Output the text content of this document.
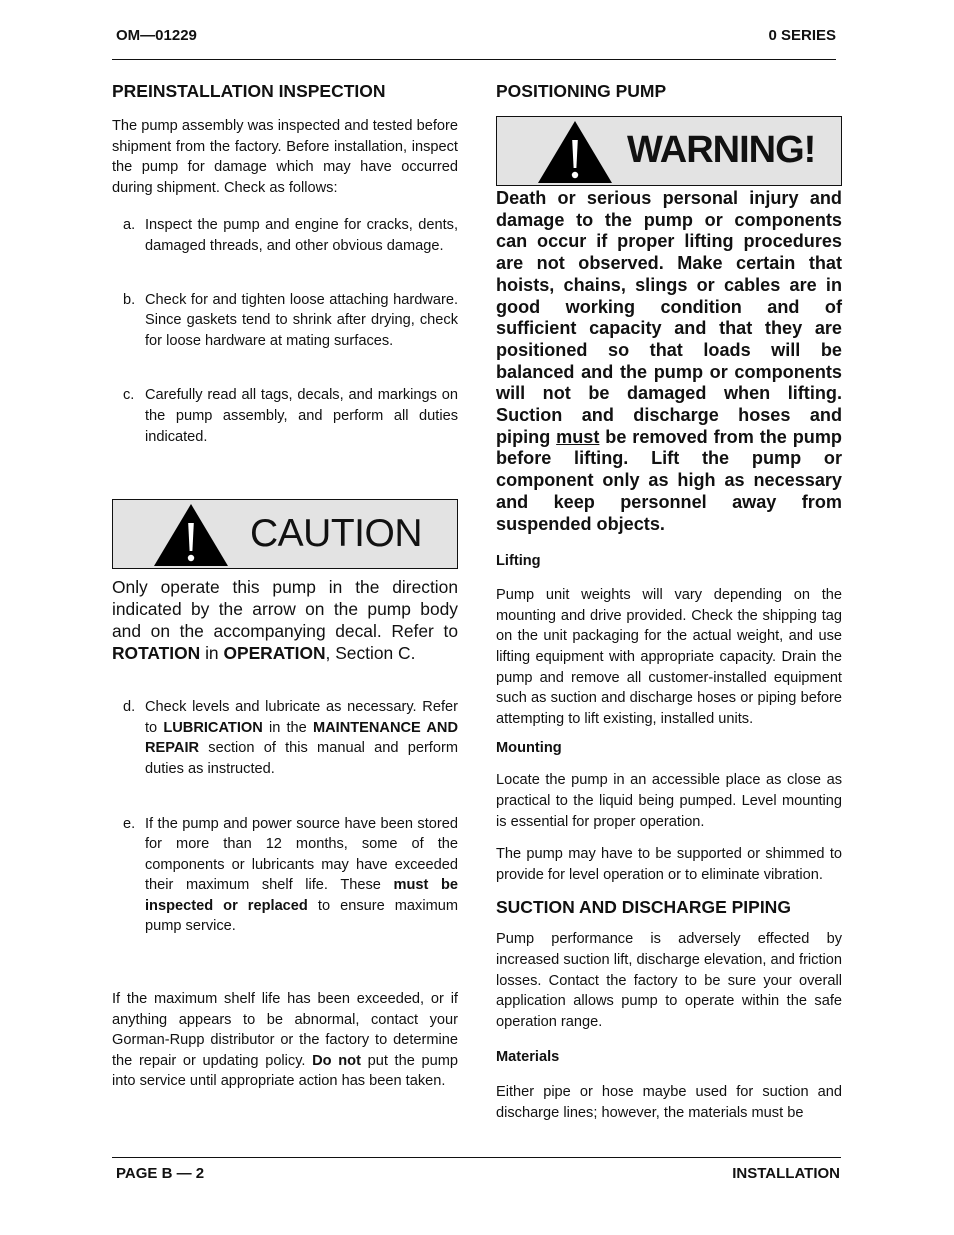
OM—01229	0 SERIES
PREINSTALLATION INSPECTION

The pump assembly was inspected and tested before shipment from the factory. Before installation, inspect the pump for damage which may have occurred during shipment. Check as follows:

a. Inspect the pump and engine for cracks, dents, damaged threads, and other obvious damage.
b. Check for and tighten loose attaching hardware. Since gaskets tend to shrink after drying, check for loose hardware at mating surfaces.
c. Carefully read all tags, decals, and markings on the pump assembly, and perform all duties indicated.
CAUTION

Only operate this pump in the direction indicated by the arrow on the pump body and on the accompanying decal. Refer to ROTATION in OPERATION, Section C.

d. Check levels and lubricate as necessary. Refer to LUBRICATION in the MAINTENANCE AND REPAIR section of this manual and perform duties as instructed.
e. If the pump and power source have been stored for more than 12 months, some of the components or lubricants may have exceeded their maximum shelf life. These must be inspected or replaced to ensure maximum pump service.

If the maximum shelf life has been exceeded, or if anything appears to be abnormal, contact your Gorman-Rupp distributor or the factory to determine the repair or updating policy. Do not put the pump into service until appropriate action has been taken.

POSITIONING PUMP
WARNING!

Death or serious personal injury and damage to the pump or components can occur if proper lifting procedures are not observed. Make certain that hoists, chains, slings or cables are in good working condition and of sufficient capacity and that they are positioned so that loads will be balanced and the pump or components will not be damaged when lifting. Suction and discharge hoses and piping must be removed from the pump before lifting. Lift the pump or component only as high as necessary and keep personnel away from suspended objects.

Lifting

Pump unit weights will vary depending on the mounting and drive provided. Check the shipping tag on the unit packaging for the actual weight, and use lifting equipment with appropriate capacity. Drain the pump and remove all customer-installed equipment such as suction and discharge hoses or piping before attempting to lift existing, installed units.

Mounting

Locate the pump in an accessible place as close as practical to the liquid being pumped. Level mounting is essential for proper operation.

The pump may have to be supported or shimmed to provide for level operation or to eliminate vibration.

SUCTION AND DISCHARGE PIPING

Pump performance is adversely effected by increased suction lift, discharge elevation, and friction losses. Contact the factory to be sure your overall application allows pump to operate within the safe operation range.

Materials

Either pipe or hose maybe used for suction and discharge lines; however, the materials must be

PAGE B — 2	INSTALLATION
